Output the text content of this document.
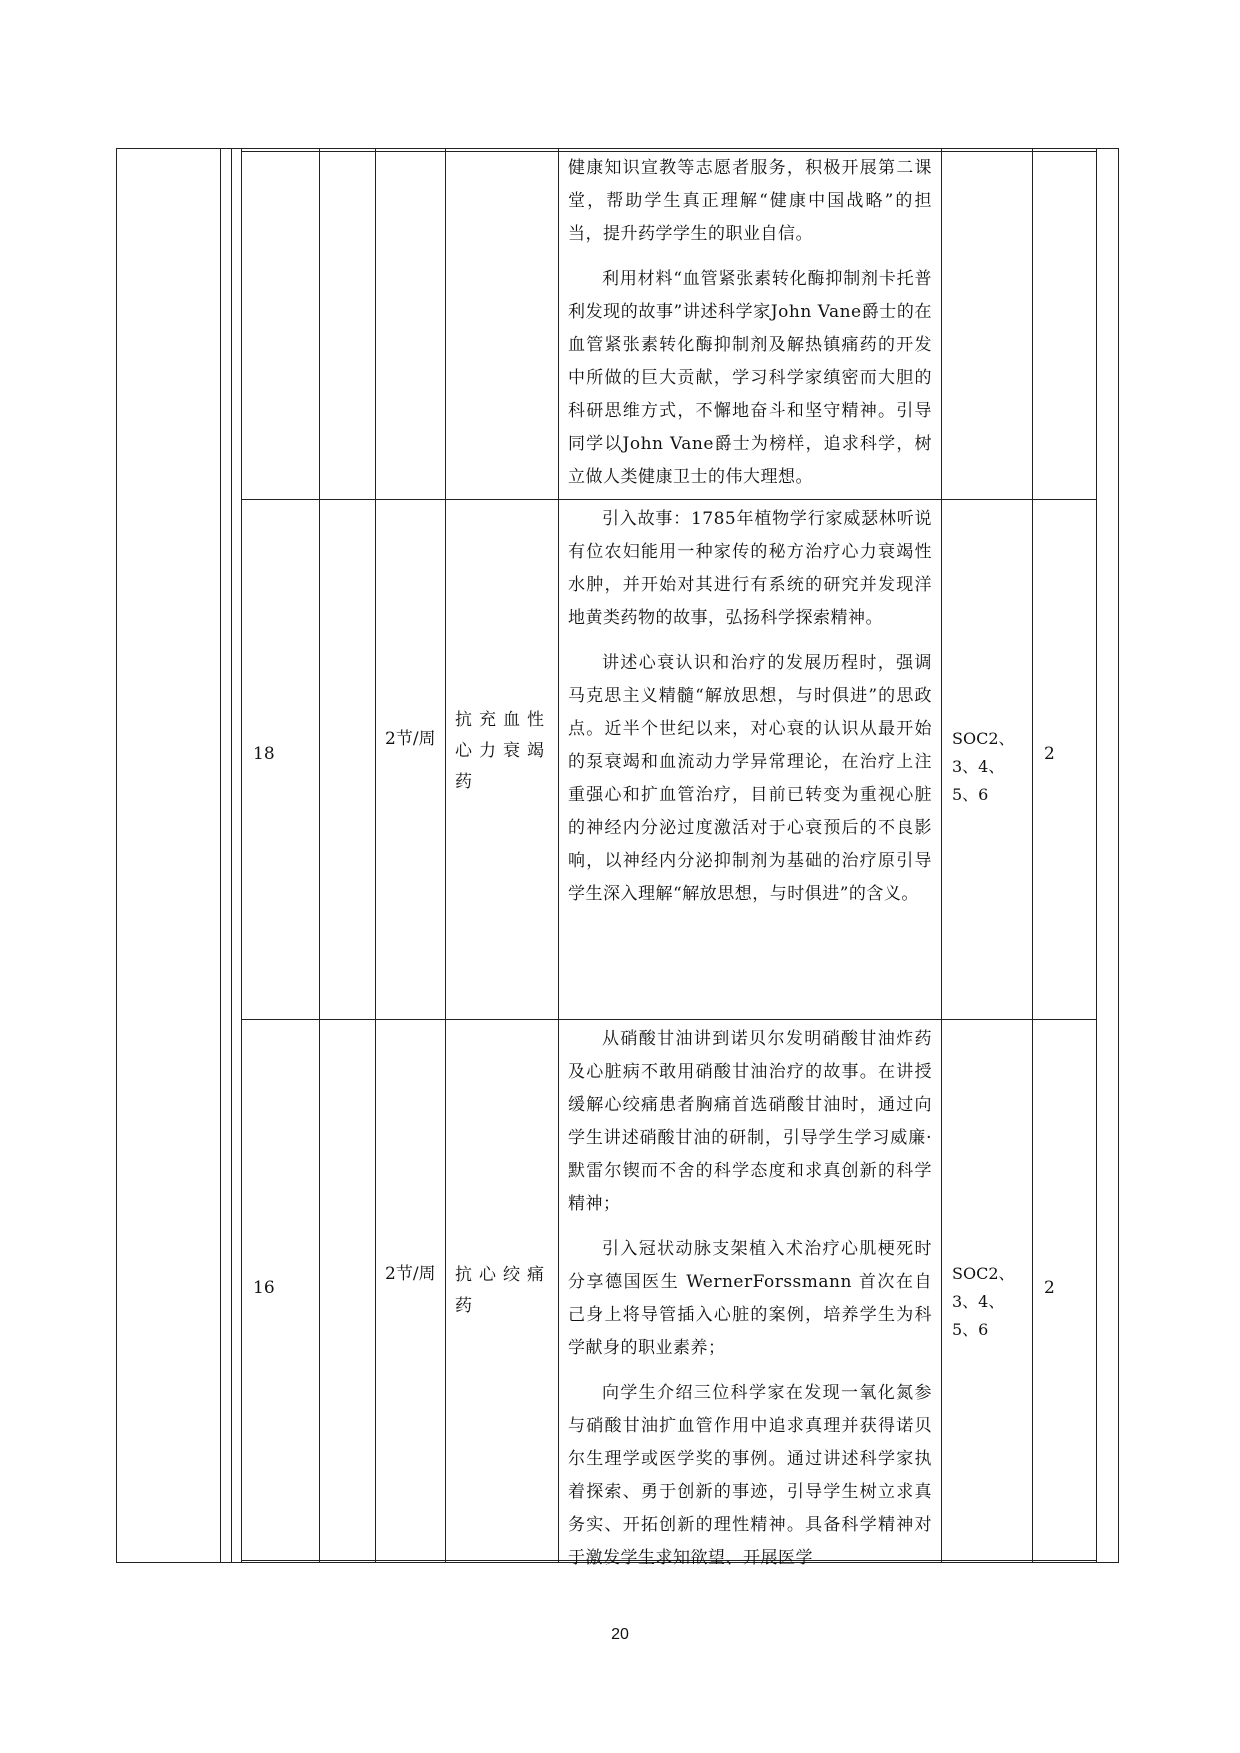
健康知识宣教等志愿者服务，积极开展第二课堂，帮助学生真正理解“健康中国战略”的担当，提升药学学生的职业自信。

利用材料“血管紧张素转化酶抑制剂卡托普利发现的故事”讲述科学家John Vane爵士的在血管紧张素转化酶抑制剂及解热镇痛药的开发中所做的巨大贡献，学习科学家缜密而大胆的科研思维方式，不懈地奋斗和坚守精神。引导同学以John Vane爵士为榜样，追求科学，树立做人类健康卫士的伟大理想。

18
2节/周
抗充血性心力衰竭药

引入故事：1785年植物学行家威瑟林听说有位农妇能用一种家传的秘方治疗心力衰竭性水肿，并开始对其进行有系统的研究并发现洋地黄类药物的故事，弘扬科学探索精神。

讲述心衰认识和治疗的发展历程时，强调马克思主义精髓“解放思想，与时俱进”的思政点。近半个世纪以来，对心衰的认识从最开始的泵衰竭和血流动力学异常理论，在治疗上注重强心和扩血管治疗，目前已转变为重视心脏的神经内分泌过度激活对于心衰预后的不良影响，以神经内分泌抑制剂为基础的治疗原引导学生深入理解“解放思想，与时俱进”的含义。

SOC2、3、4、5、6
2
16
2节/周 抗心绞痛药

从硝酸甘油讲到诺贝尔发明硝酸甘油炸药及心脏病不敢用硝酸甘油治疗的故事。在讲授缓解心绞痛患者胸痛首选硝酸甘油时，通过向学生讲述硝酸甘油的研制，引导学生学习威廉·默雷尔锲而不舍的科学态度和求真创新的科学精神；

引入冠状动脉支架植入术治疗心肌梗死时分享德国医生 WernerForssmann 首次在自己身上将导管插入心脏的案例，培养学生为科学献身的职业素养；

向学生介绍三位科学家在发现一氧化氮参与硝酸甘油扩血管作用中追求真理并获得诺贝尔生理学或医学奖的事例。通过讲述科学家执着探索、勇于创新的事迹，引导学生树立求真务实、开拓创新的理性精神。具备科学精神对于激发学生求知欲望、开展医学

SOC2、3、4、5、6
2
20
